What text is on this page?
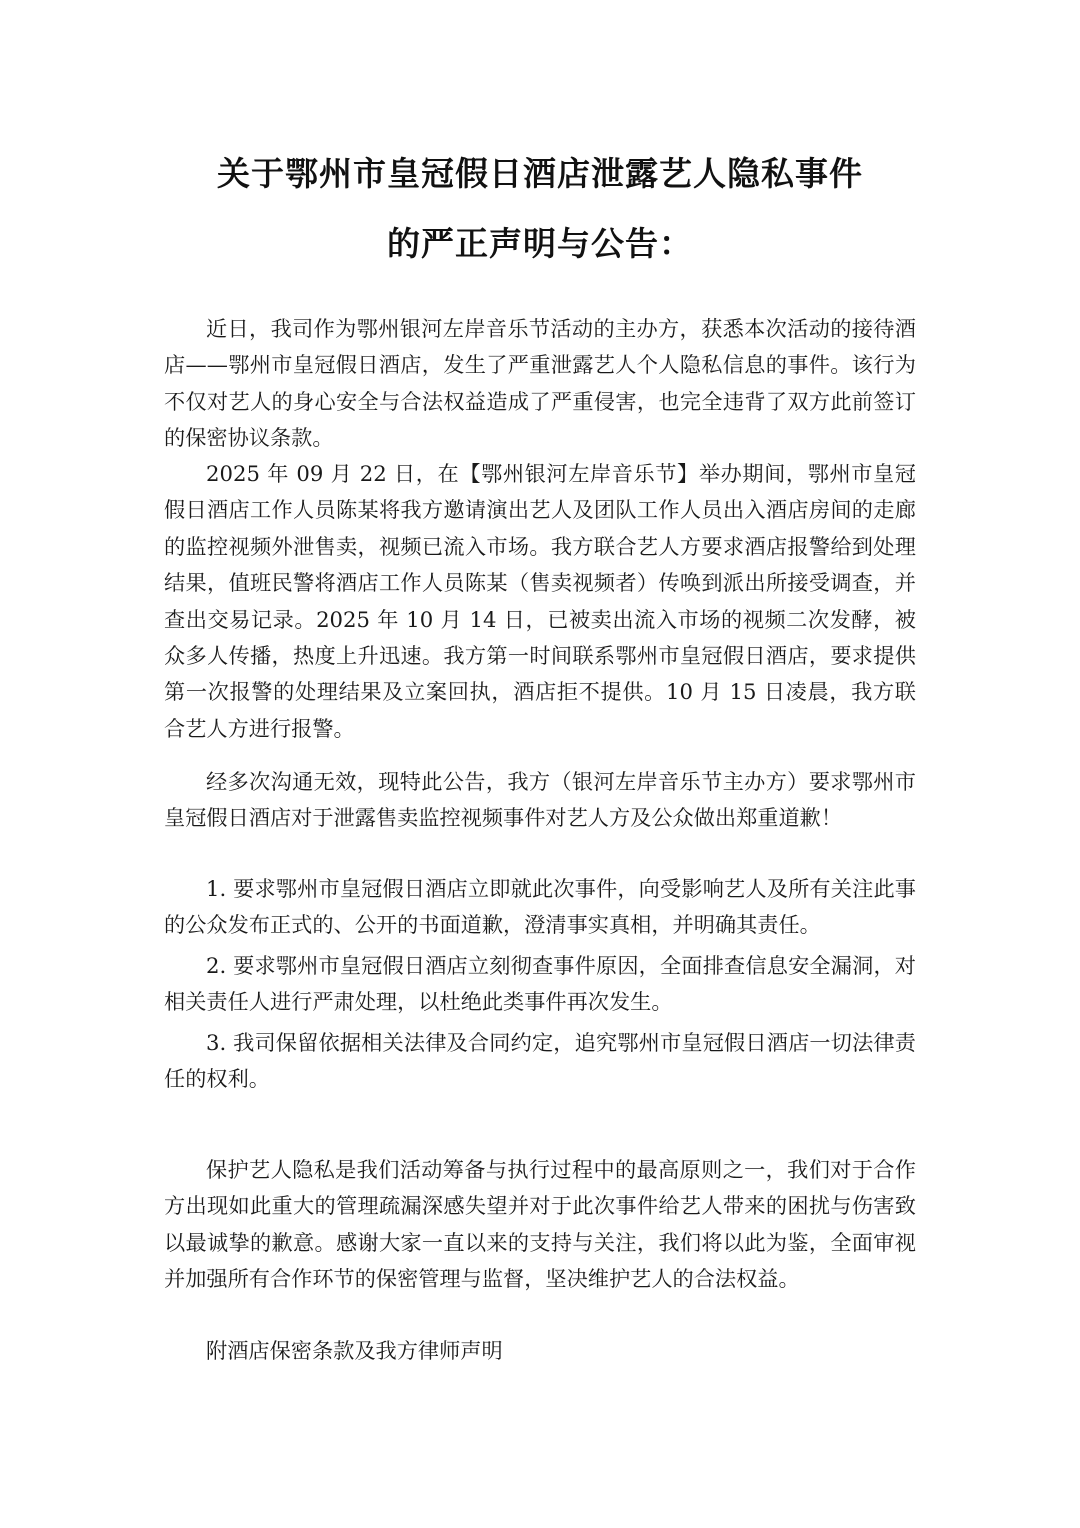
关于鄂州市皇冠假日酒店泄露艺人隐私事件
的严正声明与公告：

近日，我司作为鄂州银河左岸音乐节活动的主办方，获悉本次活动的接待酒店——鄂州市皇冠假日酒店，发生了严重泄露艺人个人隐私信息的事件。该行为不仅对艺人的身心安全与合法权益造成了严重侵害，也完全违背了双方此前签订的保密协议条款。

2025 年 09 月 22 日，在【鄂州银河左岸音乐节】举办期间，鄂州市皇冠假日酒店工作人员陈某将我方邀请演出艺人及团队工作人员出入酒店房间的走廊的监控视频外泄售卖，视频已流入市场。我方联合艺人方要求酒店报警给到处理结果，值班民警将酒店工作人员陈某（售卖视频者）传唤到派出所接受调查，并查出交易记录。2025 年 10 月 14 日，已被卖出流入市场的视频二次发酵，被众多人传播，热度上升迅速。我方第一时间联系鄂州市皇冠假日酒店，要求提供第一次报警的处理结果及立案回执，酒店拒不提供。10 月 15 日凌晨，我方联合艺人方进行报警。

经多次沟通无效，现特此公告，我方（银河左岸音乐节主办方）要求鄂州市皇冠假日酒店对于泄露售卖监控视频事件对艺人方及公众做出郑重道歉！

1. 要求鄂州市皇冠假日酒店立即就此次事件，向受影响艺人及所有关注此事的公众发布正式的、公开的书面道歉，澄清事实真相，并明确其责任。

2. 要求鄂州市皇冠假日酒店立刻彻查事件原因，全面排查信息安全漏洞，对相关责任人进行严肃处理，以杜绝此类事件再次发生。

3. 我司保留依据相关法律及合同约定，追究鄂州市皇冠假日酒店一切法律责任的权利。

保护艺人隐私是我们活动筹备与执行过程中的最高原则之一，我们对于合作方出现如此重大的管理疏漏深感失望并对于此次事件给艺人带来的困扰与伤害致以最诚挚的歉意。感谢大家一直以来的支持与关注，我们将以此为鉴，全面审视并加强所有合作环节的保密管理与监督，坚决维护艺人的合法权益。

附酒店保密条款及我方律师声明
